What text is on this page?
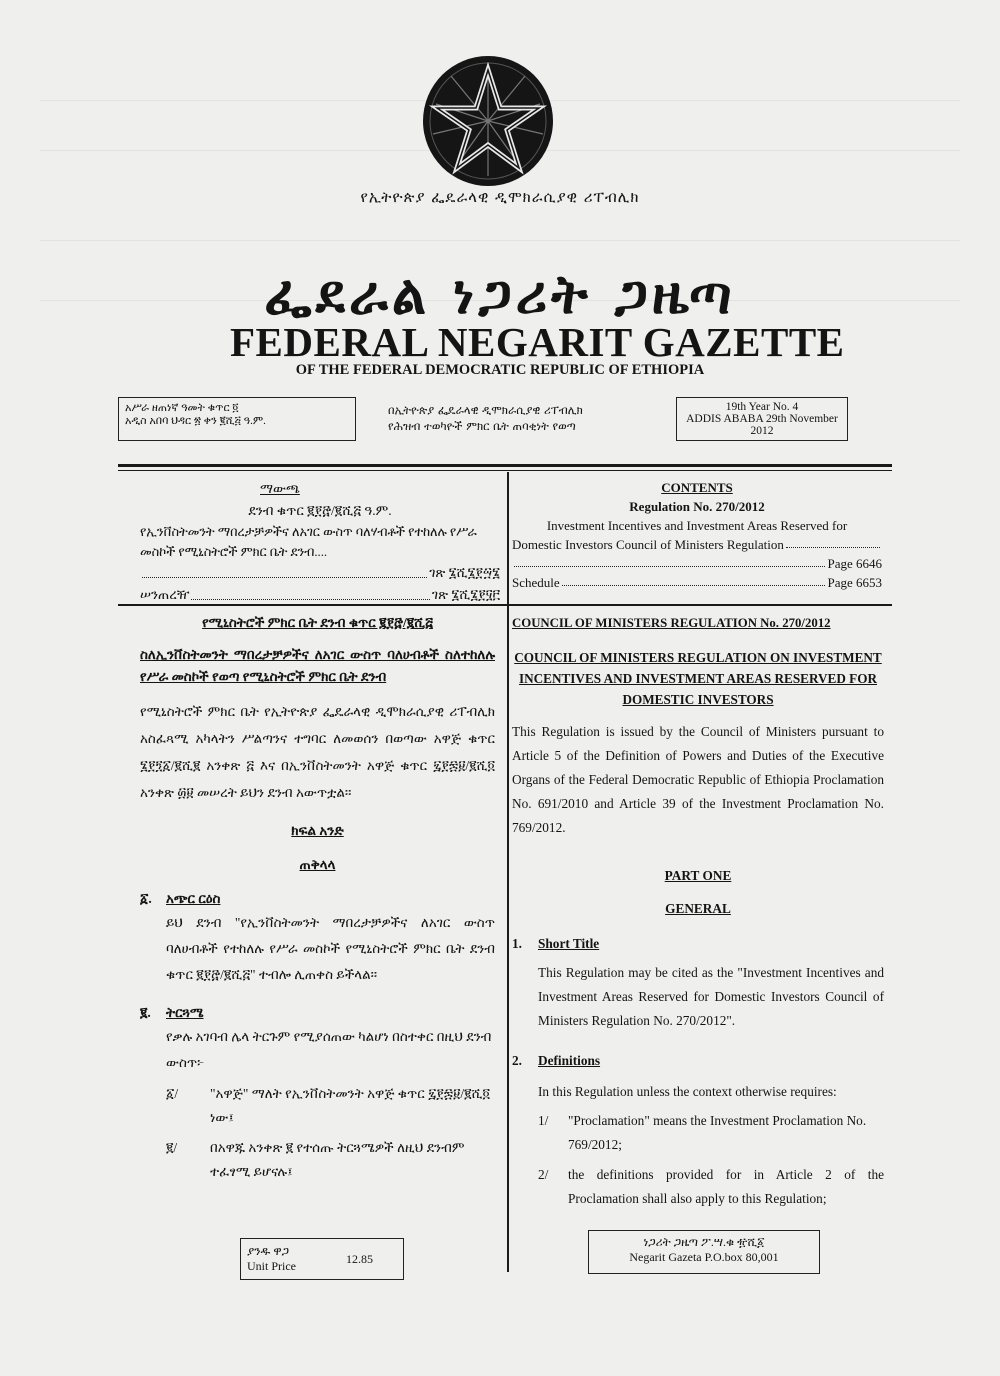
የኢትዮጵያ ፌዴራላዊ ዲሞክራሲያዊ ሪፐብሊክ
ፌደራል ነጋሪት ጋዜጣ
FEDERAL NEGARIT GAZETTE
OF THE FEDERAL DEMOCRATIC REPUBLIC OF ETHIOPIA
አሥራ ዘጠነኛ ዓመት ቁጥር ፬
አዲስ አበባ ህዳር ፳ ቀን ፪ሺ፭ ዓ.ም.
በኢትዮጵያ ፌዴራላዊ ዲሞክራሲያዊ ሪፐብሊክ
የሕዝብ ተወካዮች ምክር ቤት ጠባቂነት የወጣ
19th Year No. 4
ADDIS ABABA 29th November 2012
ማውጫ
ደንብ ቁጥር ፪፻፸/፪ሺ፭ ዓ.ም.
የኢንቨስትመንት ማበረታቻዎችና ለአገር ውስጥ ባለሃብቶች የተከለሉ የሥራ መስኮች የሚኒስትሮች ምክር ቤት ደንብ....
ገጽ ፮ሺ፮፻፵፮
ሠንጠረዥ	ገጽ ፮ሺ፮፻፶፫
CONTENTS
Regulation No. 270/2012
Investment Incentives and Investment Areas Reserved for
Domestic Investors Council of Ministers Regulation
Page 6646
Schedule	Page 6653
የሚኒስትሮች ምክር ቤት ደንብ ቁጥር ፪፻፸/፪ሺ፭
ስለኢንቨስትመንት ማበረታቻዎችና ለአገር ውስጥ ባለሀብቶች ስለተከለሉ የሥራ መስኮች የወጣ የሚኒስትሮች ምክር ቤት ደንብ
የሚኒስትሮች ምክር ቤት የኢትዮጵያ ፌዴራላዊ ዲሞክራሲያዊ ሪፐብሊክ አስፈጻሚ አካላትን ሥልጣንና ተግባር ለመወሰን በወጣው አዋጅ ቁጥር ፮፻፺፩/፪ሺ፪ አንቀጽ ፭ እና በኢንቨስትመንት አዋጅ ቁጥር ፯፻፷፱/፪ሺ፬ አንቀጽ ፴፱ መሠረት ይህን ደንብ አውጥቷል፡፡
ክፍል አንድ
ጠቅላላ
፩. አጭር ርዕስ
ይህ ደንብ "የኢንቨስትመንት ማበረታቻዎችና ለአገር ውስጥ ባለሀብቶች የተከለሉ የሥራ መስኮች የሚኒስትሮች ምክር ቤት ደንብ ቁጥር ፪፻፸/፪ሺ፭" ተብሎ ሊጠቀስ ይችላል፡፡
፪. ትርጓሜ
የቃሉ አገባብ ሌላ ትርጉም የሚያሰጠው ካልሆነ በስተቀር በዚህ ደንብ ውስጥ፦
፩/	"አዋጅ" ማለት የኢንቨስትመንት አዋጅ ቁጥር ፯፻፷፱/፪ሺ፬ ነው፤
፪/	በአዋጁ አንቀጽ ፪ የተሰጡ ትርጓሜዎች ለዚህ ደንብም ተፈፃሚ ይሆናሉ፤
COUNCIL OF MINISTERS REGULATION No. 270/2012
COUNCIL OF MINISTERS REGULATION ON INVESTMENT INCENTIVES AND INVESTMENT AREAS RESERVED FOR DOMESTIC INVESTORS
This Regulation is issued by the Council of Ministers pursuant to Article 5 of the Definition of Powers and Duties of the Executive Organs of the Federal Democratic Republic of Ethiopia Proclamation No. 691/2010 and Article 39 of the Investment Proclamation No. 769/2012.
PART ONE
GENERAL
1. Short Title
This Regulation may be cited as the "Investment Incentives and Investment Areas Reserved for Domestic Investors Council of Ministers Regulation No. 270/2012".
2. Definitions
In this Regulation unless the context otherwise requires:
1/	"Proclamation" means the Investment Proclamation No. 769/2012;
2/	the definitions provided for in Article 2 of the Proclamation shall also apply to this Regulation;
ያንዱ ዋጋ
Unit Price
12.85
ነጋሪት ጋዜጣ ፖ.ሣ.ቁ ፹ሺ፩
Negarit Gazeta P.O.box 80,001
